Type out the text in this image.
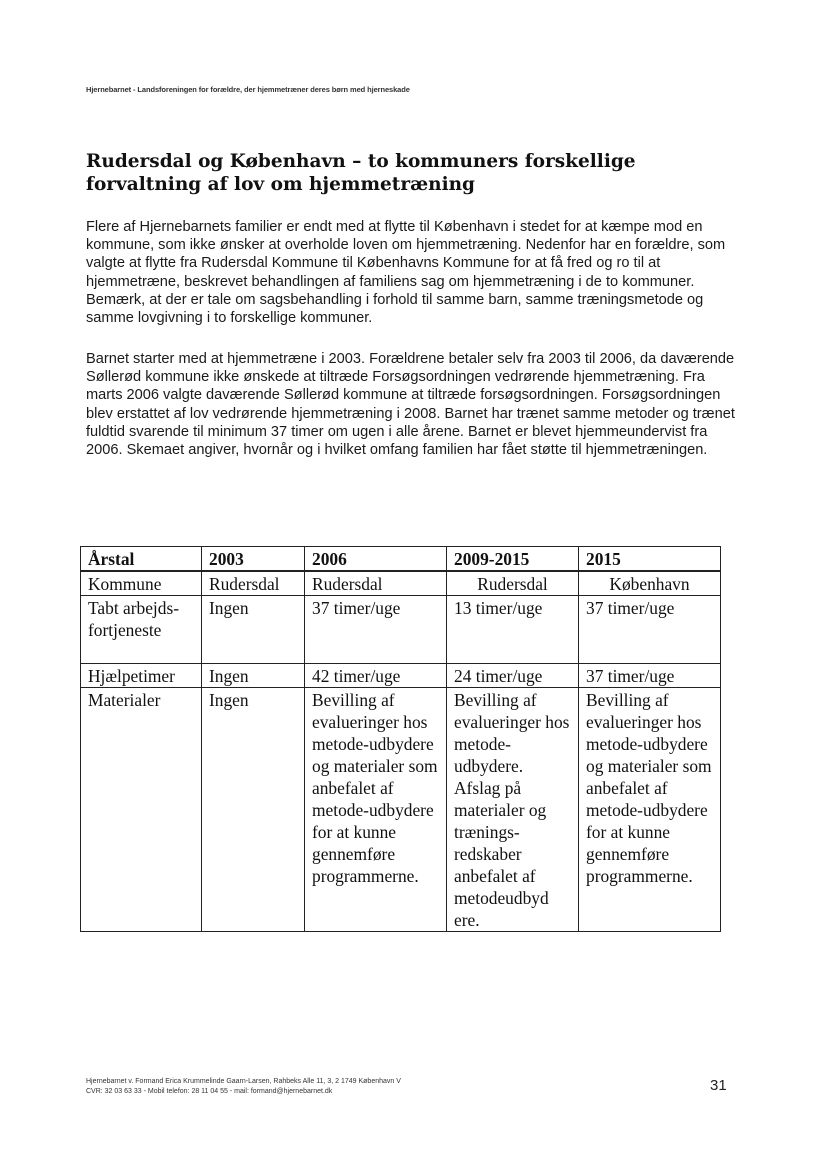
Hjernebarnet - Landsforeningen for forældre, der hjemmetræner deres børn med hjerneskade
Rudersdal og København – to kommuners forskellige forvaltning af lov om hjemmetræning

Flere af Hjernebarnets familier er endt med at flytte til København i stedet for at kæmpe mod en kommune, som ikke ønsker at overholde loven om hjemmetræning. Nedenfor har en forældre, som valgte at flytte fra Rudersdal Kommune til Københavns Kommune for at få fred og ro til at hjemmetræne, beskrevet behandlingen af familiens sag om hjemmetræning i de to kommuner. Bemærk, at der er tale om sagsbehandling i forhold til samme barn, samme træningsmetode og samme lovgivning i to forskellige kommuner.

Barnet starter med at hjemmetræne i 2003. Forældrene betaler selv fra 2003 til 2006, da daværende Søllerød kommune ikke ønskede at tiltræde Forsøgsordningen vedrørende hjemmetræning. Fra marts 2006 valgte daværende Søllerød kommune at tiltræde forsøgsordningen. Forsøgsordningen blev erstattet af lov vedrørende hjemmetræning i 2008. Barnet har trænet samme metoder og trænet fuldtid svarende til minimum 37 timer om ugen i alle årene. Barnet er blevet hjemmeundervist fra 2006. Skemaet angiver, hvornår og i hvilket omfang familien har fået støtte til hjemmetræningen.

Årstal	2003	2006	2009-2015	2015
Kommune	Rudersdal	Rudersdal	Rudersdal	København
Tabt arbejds-fortjeneste	Ingen	37 timer/uge	13 timer/uge	37 timer/uge
Hjælpetimer	Ingen	42 timer/uge	24 timer/uge	37 timer/uge
Materialer	Ingen	Bevilling af evalueringer hos metode-udbydere og materialer som anbefalet af metode-udbydere for at kunne gennemføre programmerne.	Bevilling af evalueringer hos metode-udbydere. Afslag på materialer og trænings-redskaber anbefalet af metodeudbyd ere.	Bevilling af evalueringer hos metode-udbydere og materialer som anbefalet af metode-udbydere for at kunne gennemføre programmerne.
Hjernebarnet v. Formand Erica Krummelinde Gaarn-Larsen, Rahbeks Alle 11, 3, 2 1749 København V
CVR: 32 03 63 33 - Mobil telefon: 28 11 04 55 - mail: formand@hjernebarnet.dk	31
